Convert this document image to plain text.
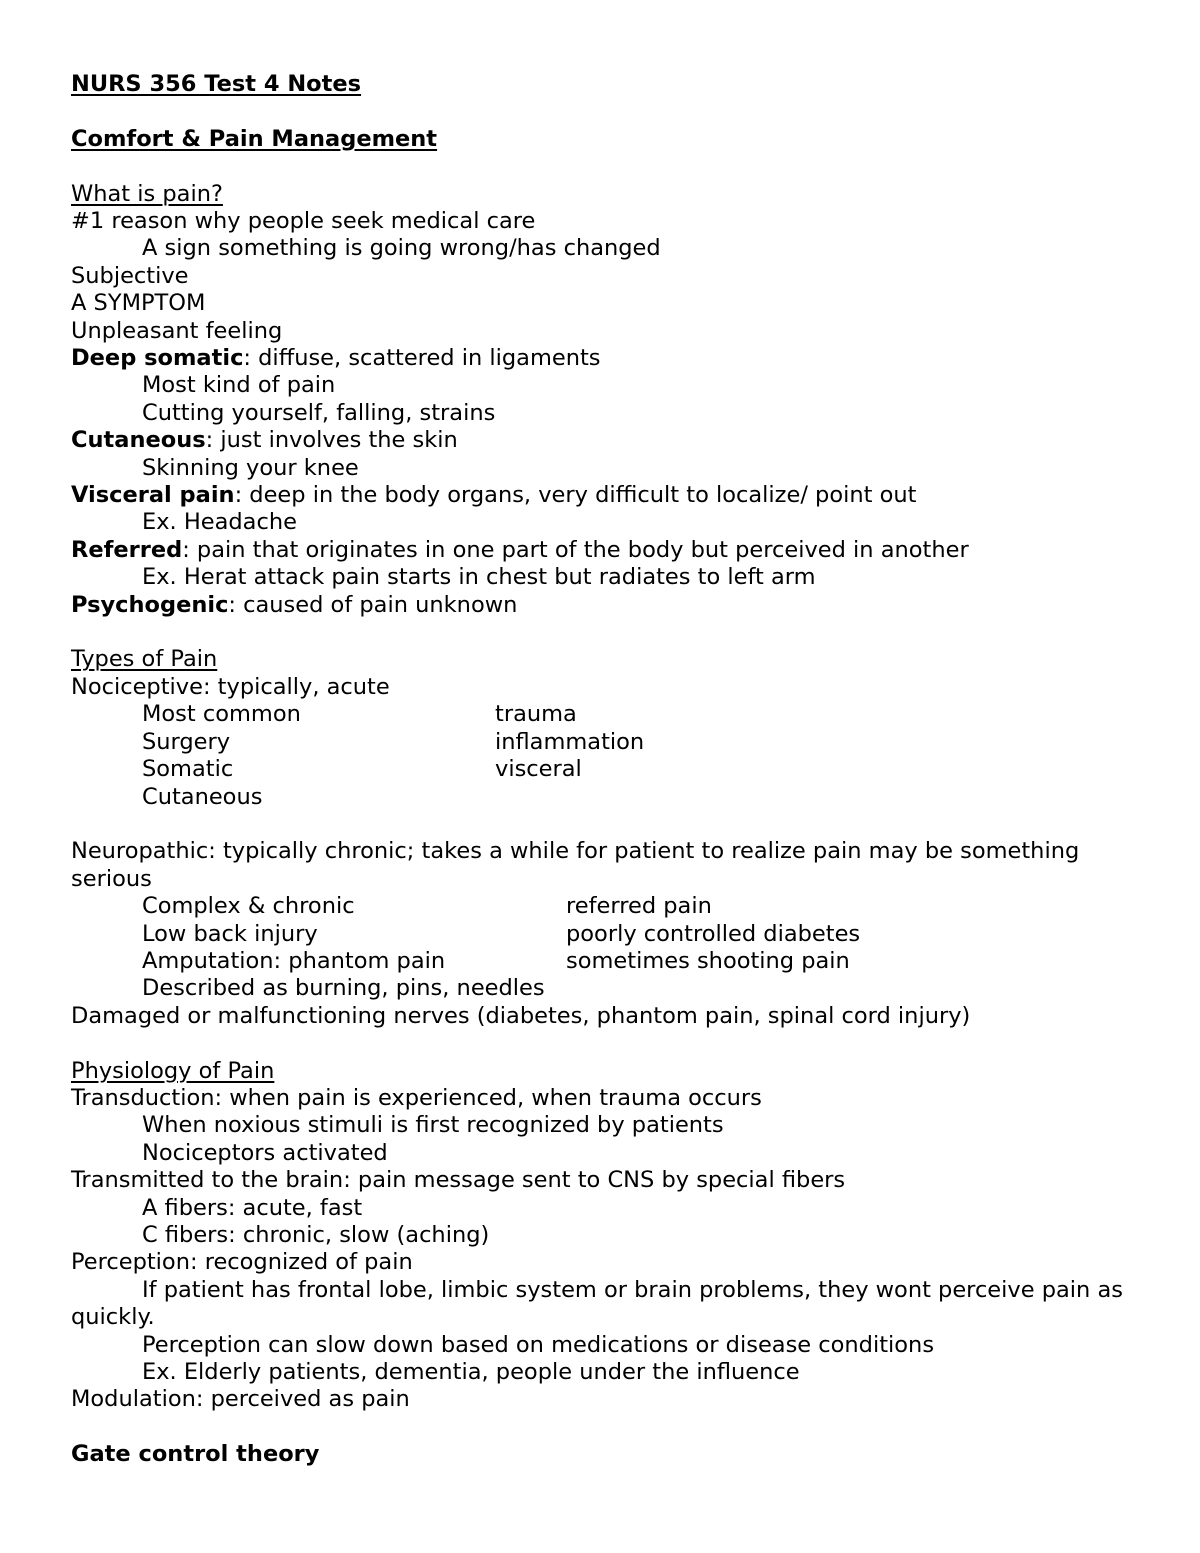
NURS 356 Test 4 Notes
Comfort & Pain Management
What is pain?
#1 reason why people seek medical care
A sign something is going wrong/has changed
Subjective
A SYMPTOM
Unpleasant feeling
Deep somatic: diffuse, scattered in ligaments
Most kind of pain
Cutting yourself, falling, strains
Cutaneous: just involves the skin
Skinning your knee
Visceral pain: deep in the body organs, very difficult to localize/ point out
Ex. Headache
Referred: pain that originates in one part of the body but perceived in another
Ex. Herat attack pain starts in chest but radiates to left arm
Psychogenic: caused of pain unknown
Types of Pain
Nociceptive: typically, acute
Most common	trauma
Surgery	inflammation
Somatic	visceral
Cutaneous
Neuropathic: typically chronic; takes a while for patient to realize pain may be something serious
Complex & chronic	referred pain
Low back injury	poorly controlled diabetes
Amputation: phantom pain	sometimes shooting pain
Described as burning, pins, needles
Damaged or malfunctioning nerves (diabetes, phantom pain, spinal cord injury)
Physiology of Pain
Transduction: when pain is experienced, when trauma occurs
When noxious stimuli is first recognized by patients
Nociceptors activated
Transmitted to the brain: pain message sent to CNS by special fibers
A fibers: acute, fast
C fibers: chronic, slow (aching)
Perception: recognized of pain
If patient has frontal lobe, limbic system or brain problems, they wont perceive pain as quickly.
Perception can slow down based on medications or disease conditions
Ex. Elderly patients, dementia, people under the influence
Modulation: perceived as pain
Gate control theory
